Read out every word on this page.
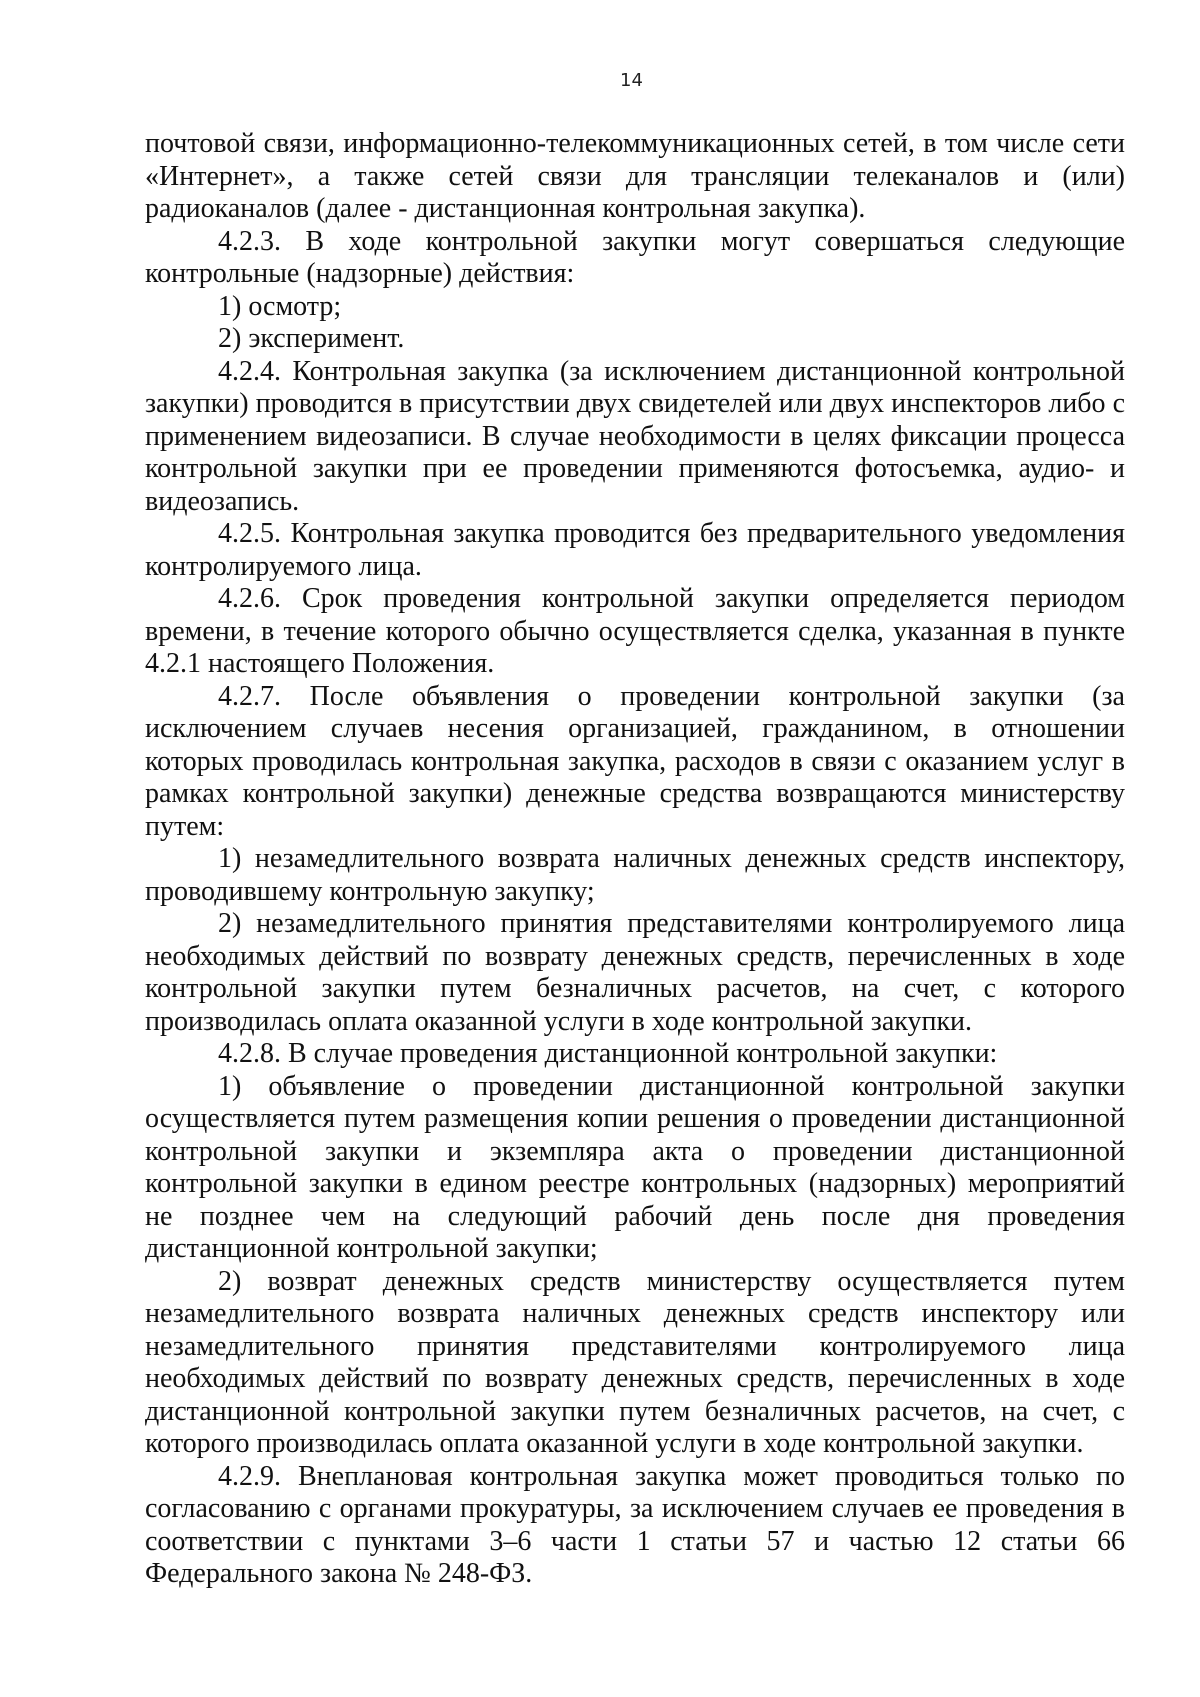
14

почтовой связи, информационно-телекоммуникационных сетей, в том числе сети «Интернет», а также сетей связи для трансляции телеканалов и (или) радиоканалов (далее - дистанционная контрольная закупка).

4.2.3. В ходе контрольной закупки могут совершаться следующие контрольные (надзорные) действия:

1) осмотр;

2) эксперимент.

4.2.4. Контрольная закупка (за исключением дистанционной контрольной закупки) проводится в присутствии двух свидетелей или двух инспекторов либо с применением видеозаписи. В случае необходимости в целях фиксации процесса контрольной закупки при ее проведении применяются фотосъемка, аудио- и видеозапись.

4.2.5. Контрольная закупка проводится без предварительного уведомления контролируемого лица.

4.2.6. Срок проведения контрольной закупки определяется периодом времени, в течение которого обычно осуществляется сделка, указанная в пункте 4.2.1 настоящего Положения.

4.2.7. После объявления о проведении контрольной закупки (за исключением случаев несения организацией, гражданином, в отношении которых проводилась контрольная закупка, расходов в связи с оказанием услуг в рамках контрольной закупки) денежные средства возвращаются министерству путем:

1) незамедлительного возврата наличных денежных средств инспектору, проводившему контрольную закупку;

2) незамедлительного принятия представителями контролируемого лица необходимых действий по возврату денежных средств, перечисленных в ходе контрольной закупки путем безналичных расчетов, на счет, с которого производилась оплата оказанной услуги в ходе контрольной закупки.

4.2.8. В случае проведения дистанционной контрольной закупки:

1) объявление о проведении дистанционной контрольной закупки осуществляется путем размещения копии решения о проведении дистанционной контрольной закупки и экземпляра акта о проведении дистанционной контрольной закупки в едином реестре контрольных (надзорных) мероприятий не позднее чем на следующий рабочий день после дня проведения дистанционной контрольной закупки;

2) возврат денежных средств министерству осуществляется путем незамедлительного возврата наличных денежных средств инспектору или незамедлительного принятия представителями контролируемого лица необходимых действий по возврату денежных средств, перечисленных в ходе дистанционной контрольной закупки путем безналичных расчетов, на счет, с которого производилась оплата оказанной услуги в ходе контрольной закупки.

4.2.9. Внеплановая контрольная закупка может проводиться только по согласованию с органами прокуратуры, за исключением случаев ее проведения в соответствии с пунктами 3–6 части 1 статьи 57 и частью 12 статьи 66 Федерального закона № 248-ФЗ.
